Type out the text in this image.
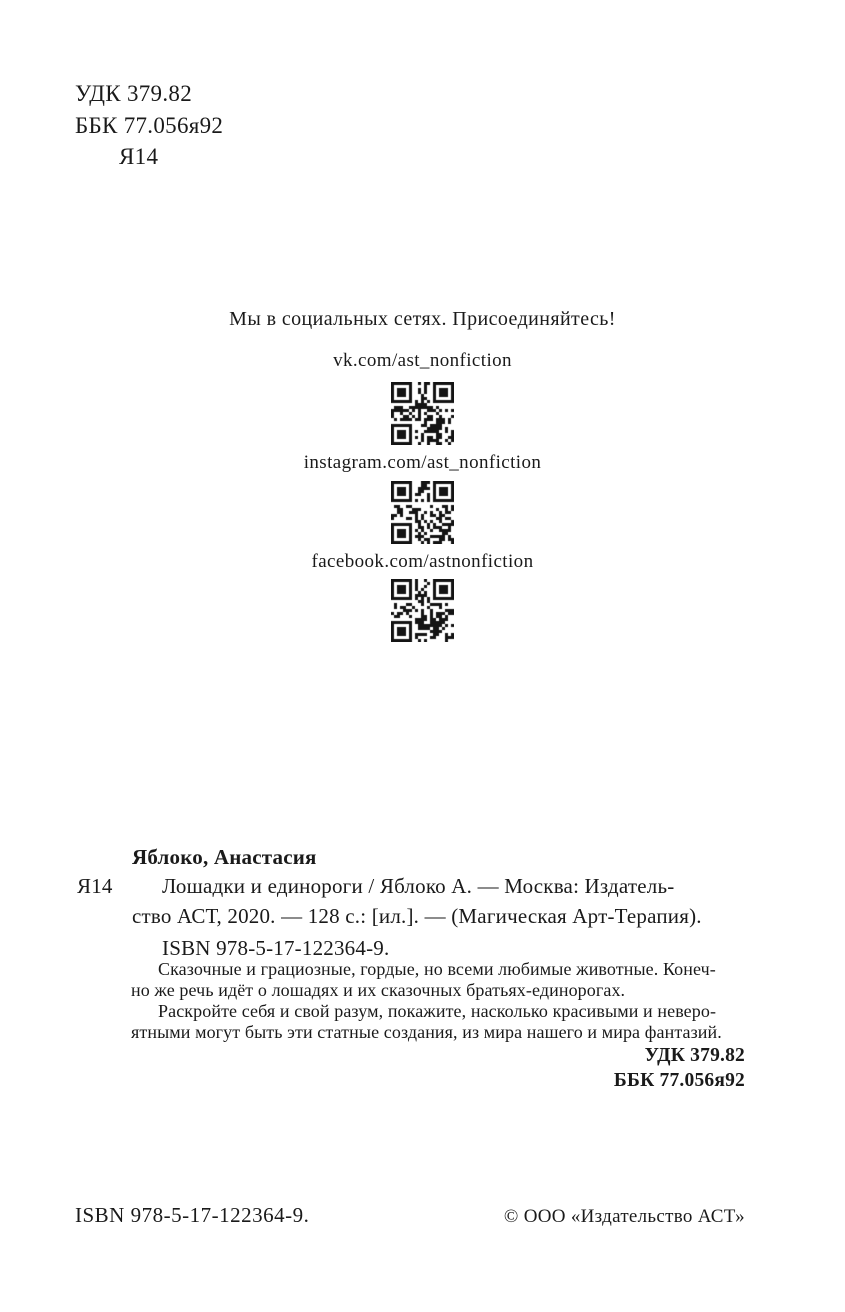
УДК 379.82
ББК 77.056я92
Я14
Мы в социальных сетях. Присоединяйтесь!
vk.com/ast_nonfiction
instagram.com/ast_nonfiction
facebook.com/astnonfiction
Яблоко, Анастасия
Я14 Лошадки и единороги / Яблоко А. — Москва: Издатель-
ство АСТ, 2020. — 128 с.: [ил.]. — (Магическая Арт-Терапия).
ISBN 978-5-17-122364-9.
Сказочные и грациозные, гордые, но всеми любимые животные. Конеч-
но же речь идёт о лошадях и их сказочных братьях-единорогах.
Раскройте себя и свой разум, покажите, насколько красивыми и неверо-
ятными могут быть эти статные создания, из мира нашего и мира фантазий.
УДК 379.82
ББК 77.056я92
ISBN 978-5-17-122364-9.	© ООО «Издательство АСТ»
